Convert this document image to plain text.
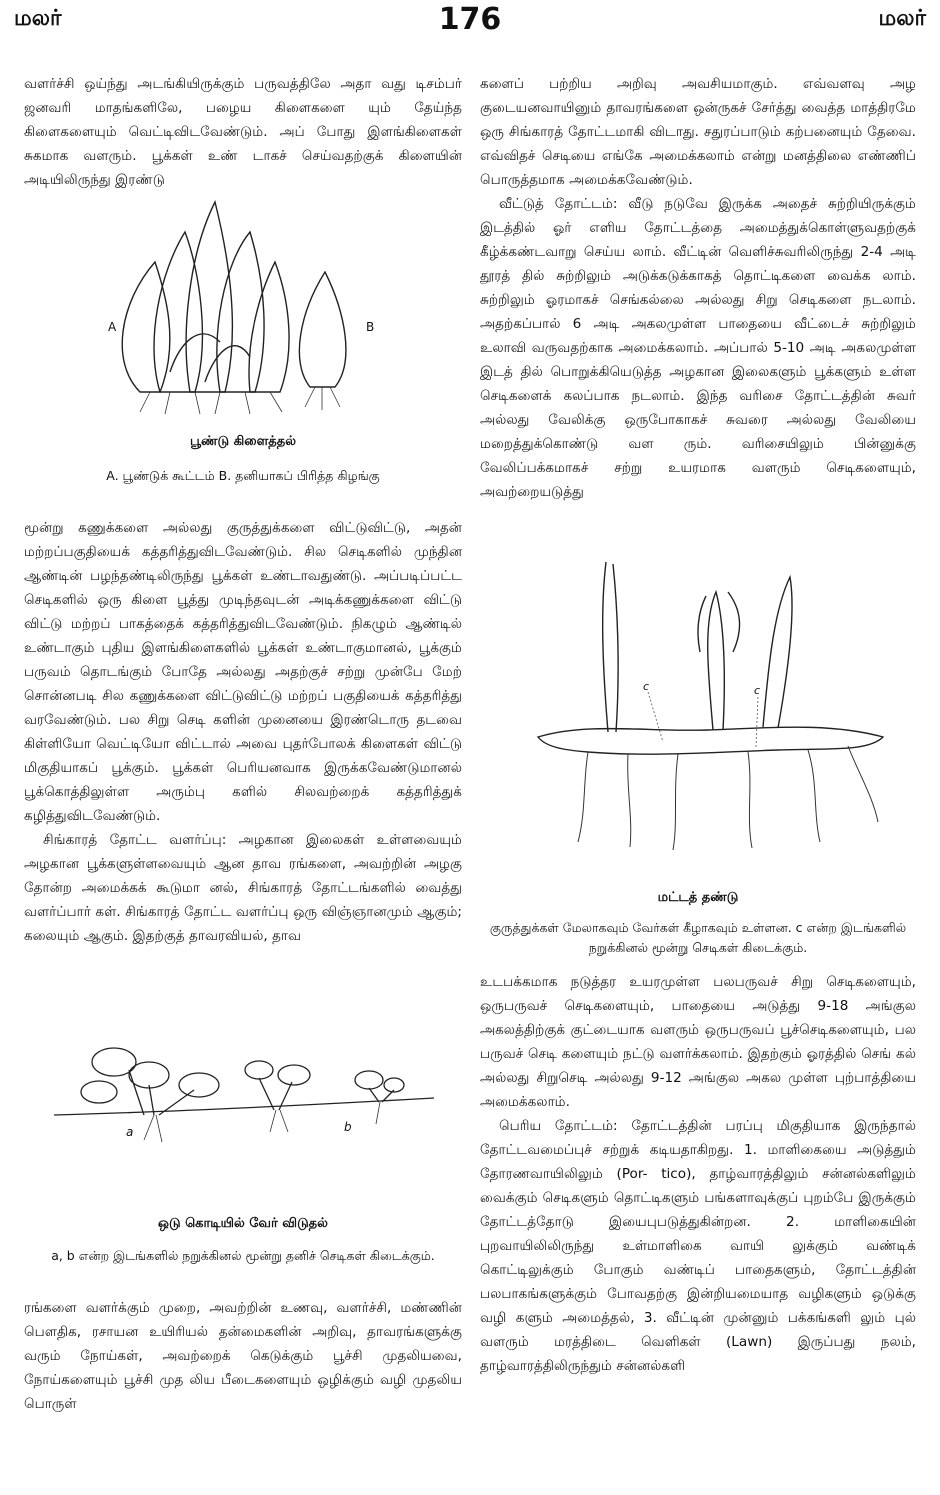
மலர்	176	மலர்

வளர்ச்சி ஒய்ந்து அடங்கியிருக்கும் பருவத்திலே அதா வது டிசம்பர் ஜனவரி மாதங்களிலே, பழைய கிளைகளை யும் தேய்ந்த கிளைகளையும் வெட்டிவிடவேண்டும். அப் போது இளங்கிளைகள் சுகமாக வளரும். பூக்கள் உண் டாகச் செய்வதற்குக் கிளையின் அடியிலிருந்து இரண்டு

A	B
பூண்டு கிளைத்தல்
A. பூண்டுக் கூட்டம் B. தனியாகப் பிரித்த கிழங்கு

மூன்று கணுக்களை அல்லது குருத்துக்களை விட்டுவிட்டு, அதன் மற்றப்பகுதியைக் கத்தரித்துவிடவேண்டும். சில செடிகளில் முந்தின ஆண்டின் பழந்தண்டிலிருந்து பூக்கள் உண்டாவதுண்டு. அப்படிப்பட்ட செடிகளில் ஒரு கிளை பூத்து முடிந்தவுடன் அடிக்கணுக்களை விட்டு விட்டு மற்றப் பாகத்தைக் கத்தரித்துவிடவேண்டும். நிகழும் ஆண்டில் உண்டாகும் புதிய இளங்கிளைகளில் பூக்கள் உண்டாகுமானல், பூக்கும் பருவம் தொடங்கும் போதே அல்லது அதற்குச் சற்று முன்பே மேற் சொன்னபடி சில கணுக்களை விட்டுவிட்டு மற்றப் பகுதியைக் கத்தரித்து வரவேண்டும். பல சிறு செடி களின் முனையை இரண்டொரு தடவை கிள்ளியோ வெட்டியோ விட்டால் அவை புதர்போலக் கிளைகள் விட்டு மிகுதியாகப் பூக்கும். பூக்கள் பெரியனவாக இருக்கவேண்டுமானல் பூக்கொத்திலுள்ள அரும்பு களில் சிலவற்றைக் கத்தரித்துக் கழித்துவிடவேண்டும்.

சிங்காரத் தோட்ட வளர்ப்பு: அழகான இலைகள் உள்ளவையும் அழகான பூக்களுள்ளவையும் ஆன தாவ ரங்களை, அவற்றின் அழகு தோன்ற அமைக்கக் கூடுமா னல், சிங்காரத் தோட்டங்களில் வைத்து வளர்ப்பார் கள். சிங்காரத் தோட்ட வளர்ப்பு ஒரு விஞ்ஞானமும் ஆகும்; கலையும் ஆகும். இதற்குத் தாவரவியல், தாவ

a	b
ஒடு கொடியில் வேர் விடுதல்
a, b என்ற இடங்களில் நறுக்கினல் மூன்று தனிச் செடிகள் கிடைக்கும்.

ரங்களை வளர்க்கும் முறை, அவற்றின் உணவு, வளர்ச்சி, மண்ணின் பௌதிக, ரசாயன உயிரியல் தன்மைகளின் அறிவு, தாவரங்களுக்கு வரும் நோய்கள், அவற்றைக் கெடுக்கும் பூச்சி முதலியவை, நோய்களையும் பூச்சி முத லிய பீடைகளையும் ஒழிக்கும் வழி முதலிய பொருள்

களைப் பற்றிய அறிவு அவசியமாகும். எவ்வளவு அழ குடையனவாயினும் தாவரங்களை ஒன்ருகச் சேர்த்து வைத்த மாத்திரமே ஒரு சிங்காரத் தோட்டமாகி விடாது. சதுரப்பாடும் கற்பனையும் தேவை. எவ்விதச் செடியை எங்கே அமைக்கலாம் என்று மனத்திலை எண்ணிப் பொருத்தமாக அமைக்கவேண்டும்.

வீட்டுத் தோட்டம்: வீடு நடுவே இருக்க அதைச் சுற்றியிருக்கும் இடத்தில் ஓர் எளிய தோட்டத்தை அமைத்துக்கொள்ளுவதற்குக் கீழ்க்கண்டவாறு செய்ய லாம். வீட்டின் வெளிச்சுவரிலிருந்து 2-4 அடி தூரத் தில் சுற்றிலும் அடுக்கடுக்காகத் தொட்டிகளை வைக்க லாம். சுற்றிலும் ஓரமாகச் செங்கல்லை அல்லது சிறு செடிகளை நடலாம். அதற்கப்பால் 6 அடி அகலமுள்ள பாதையை வீட்டைச் சுற்றிலும் உலாவி வருவதற்காக அமைக்கலாம். அப்பால் 5-10 அடி அகலமுள்ள இடத் தில் பொறுக்கியெடுத்த அழகான இலைகளும் பூக்களும் உள்ள செடிகளைக் கலப்பாக நடலாம். இந்த வரிசை தோட்டத்தின் சுவர் அல்லது வேலிக்கு ஒருபோகாகச் சுவரை அல்லது வேலியை மறைத்துக்கொண்டு வள ரும். வரிசையிலும் பின்னுக்கு வேலிப்பக்கமாகச் சற்று உயரமாக வளரும் செடிகளையும், அவற்றையடுத்து

c	c
மட்டத் தண்டு
குருத்துக்கள் மேலாகவும் வேர்கள் கீழாகவும் உள்ளன. c என்ற இடங்களில் நறுக்கினல் மூன்று செடிகள் கிடைக்கும்.

உடபக்கமாக நடுத்தர உயரமுள்ள பலபருவச் சிறு செடிகளையும், ஒருபருவச் செடிகளையும், பாதையை அடுத்து 9-18 அங்குல அகலத்திற்குக் குட்டையாக வளரும் ஒருபருவப் பூச்செடிகளையும், பல பருவச் செடி களையும் நட்டு வளர்க்கலாம். இதற்கும் ஓரத்தில் செங் கல் அல்லது சிறுசெடி அல்லது 9-12 அங்குல அகல முள்ள புற்பாத்தியை அமைக்கலாம்.

பெரிய தோட்டம்: தோட்டத்தின் பரப்பு மிகுதியாக இருந்தால் தோட்டவமைப்புச் சற்றுக் கடியதாகிறது. 1. மாளிகையை அடுத்தும் தோரணவாயிலிலும் (Por- tico), தாழ்வாரத்திலும் சன்னல்களிலும் வைக்கும் செடிகளும் தொட்டிகளும் பங்களாவுக்குப் புறம்பே இருக்கும் தோட்டத்தோடு இயைபுபடுத்துகின்றன. 2. மாளிகையின் புறவாயிலிலிருந்து உள்மாளிகை வாயி லுக்கும் வண்டிக் கொட்டிலுக்கும் போகும் வண்டிப் பாதைகளும், தோட்டத்தின் பலபாகங்களுக்கும் போவதற்கு இன்றியமையாத வழிகளும் ஒடுக்கு வழி களும் அமைத்தல், 3. வீட்டின் முன்னும் பக்கங்களி லும் புல் வளரும் மரத்திடை வெளிகள் (Lawn) இருப்பது நலம், தாழ்வாரத்திலிருந்தும் சன்னல்களி
